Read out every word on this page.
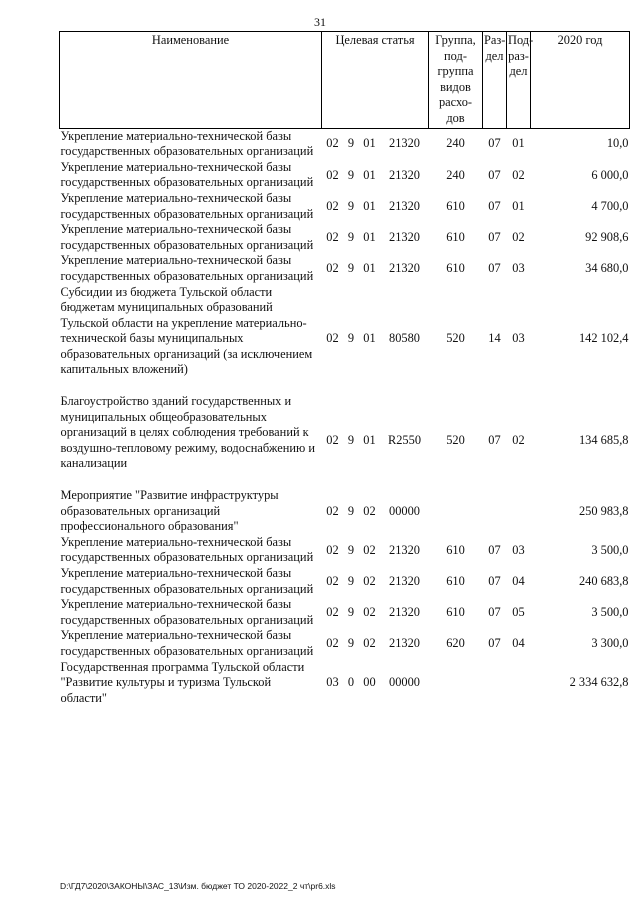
31
Наименование	Целевая статья				Группа, под-группа видов расхо-дов	Раз-дел	Под-раз-дел	2020 год
Укрепление материально-технической базы государственных образовательных организаций	02	9	01	21320	240	07	01	10,0
Укрепление материально-технической базы государственных образовательных организаций	02	9	01	21320	240	07	02	6 000,0
Укрепление материально-технической базы государственных образовательных организаций	02	9	01	21320	610	07	01	4 700,0
Укрепление материально-технической базы государственных образовательных организаций	02	9	01	21320	610	07	02	92 908,6
Укрепление материально-технической базы государственных образовательных организаций	02	9	01	21320	610	07	03	34 680,0
Субсидии из бюджета Тульской области бюджетам муниципальных образований Тульской области на укрепление материально-технической базы муниципальных образовательных организаций (за исключением капитальных вложений)	02	9	01	80580	520	14	03	142 102,4
Благоустройство зданий государственных и муниципальных общеобразовательных организаций в целях соблюдения требований к воздушно-тепловому режиму, водоснабжению и канализации	02	9	01	R2550	520	07	02	134 685,8
Мероприятие "Развитие инфраструктуры образовательных организаций профессионального образования"	02	9	02	00000				250 983,8
Укрепление материально-технической базы государственных образовательных организаций	02	9	02	21320	610	07	03	3 500,0
Укрепление материально-технической базы государственных образовательных организаций	02	9	02	21320	610	07	04	240 683,8
Укрепление материально-технической базы государственных образовательных организаций	02	9	02	21320	610	07	05	3 500,0
Укрепление материально-технической базы государственных образовательных организаций	02	9	02	21320	620	07	04	3 300,0
Государственная программа Тульской области "Развитие культуры и туризма Тульской области"	03	0	00	00000				2 334 632,8
D:\ГД7\2020\ЗАКОНЫ\ЗАС_13\Изм. бюджет ТО 2020-2022_2 чт\pr6.xls
